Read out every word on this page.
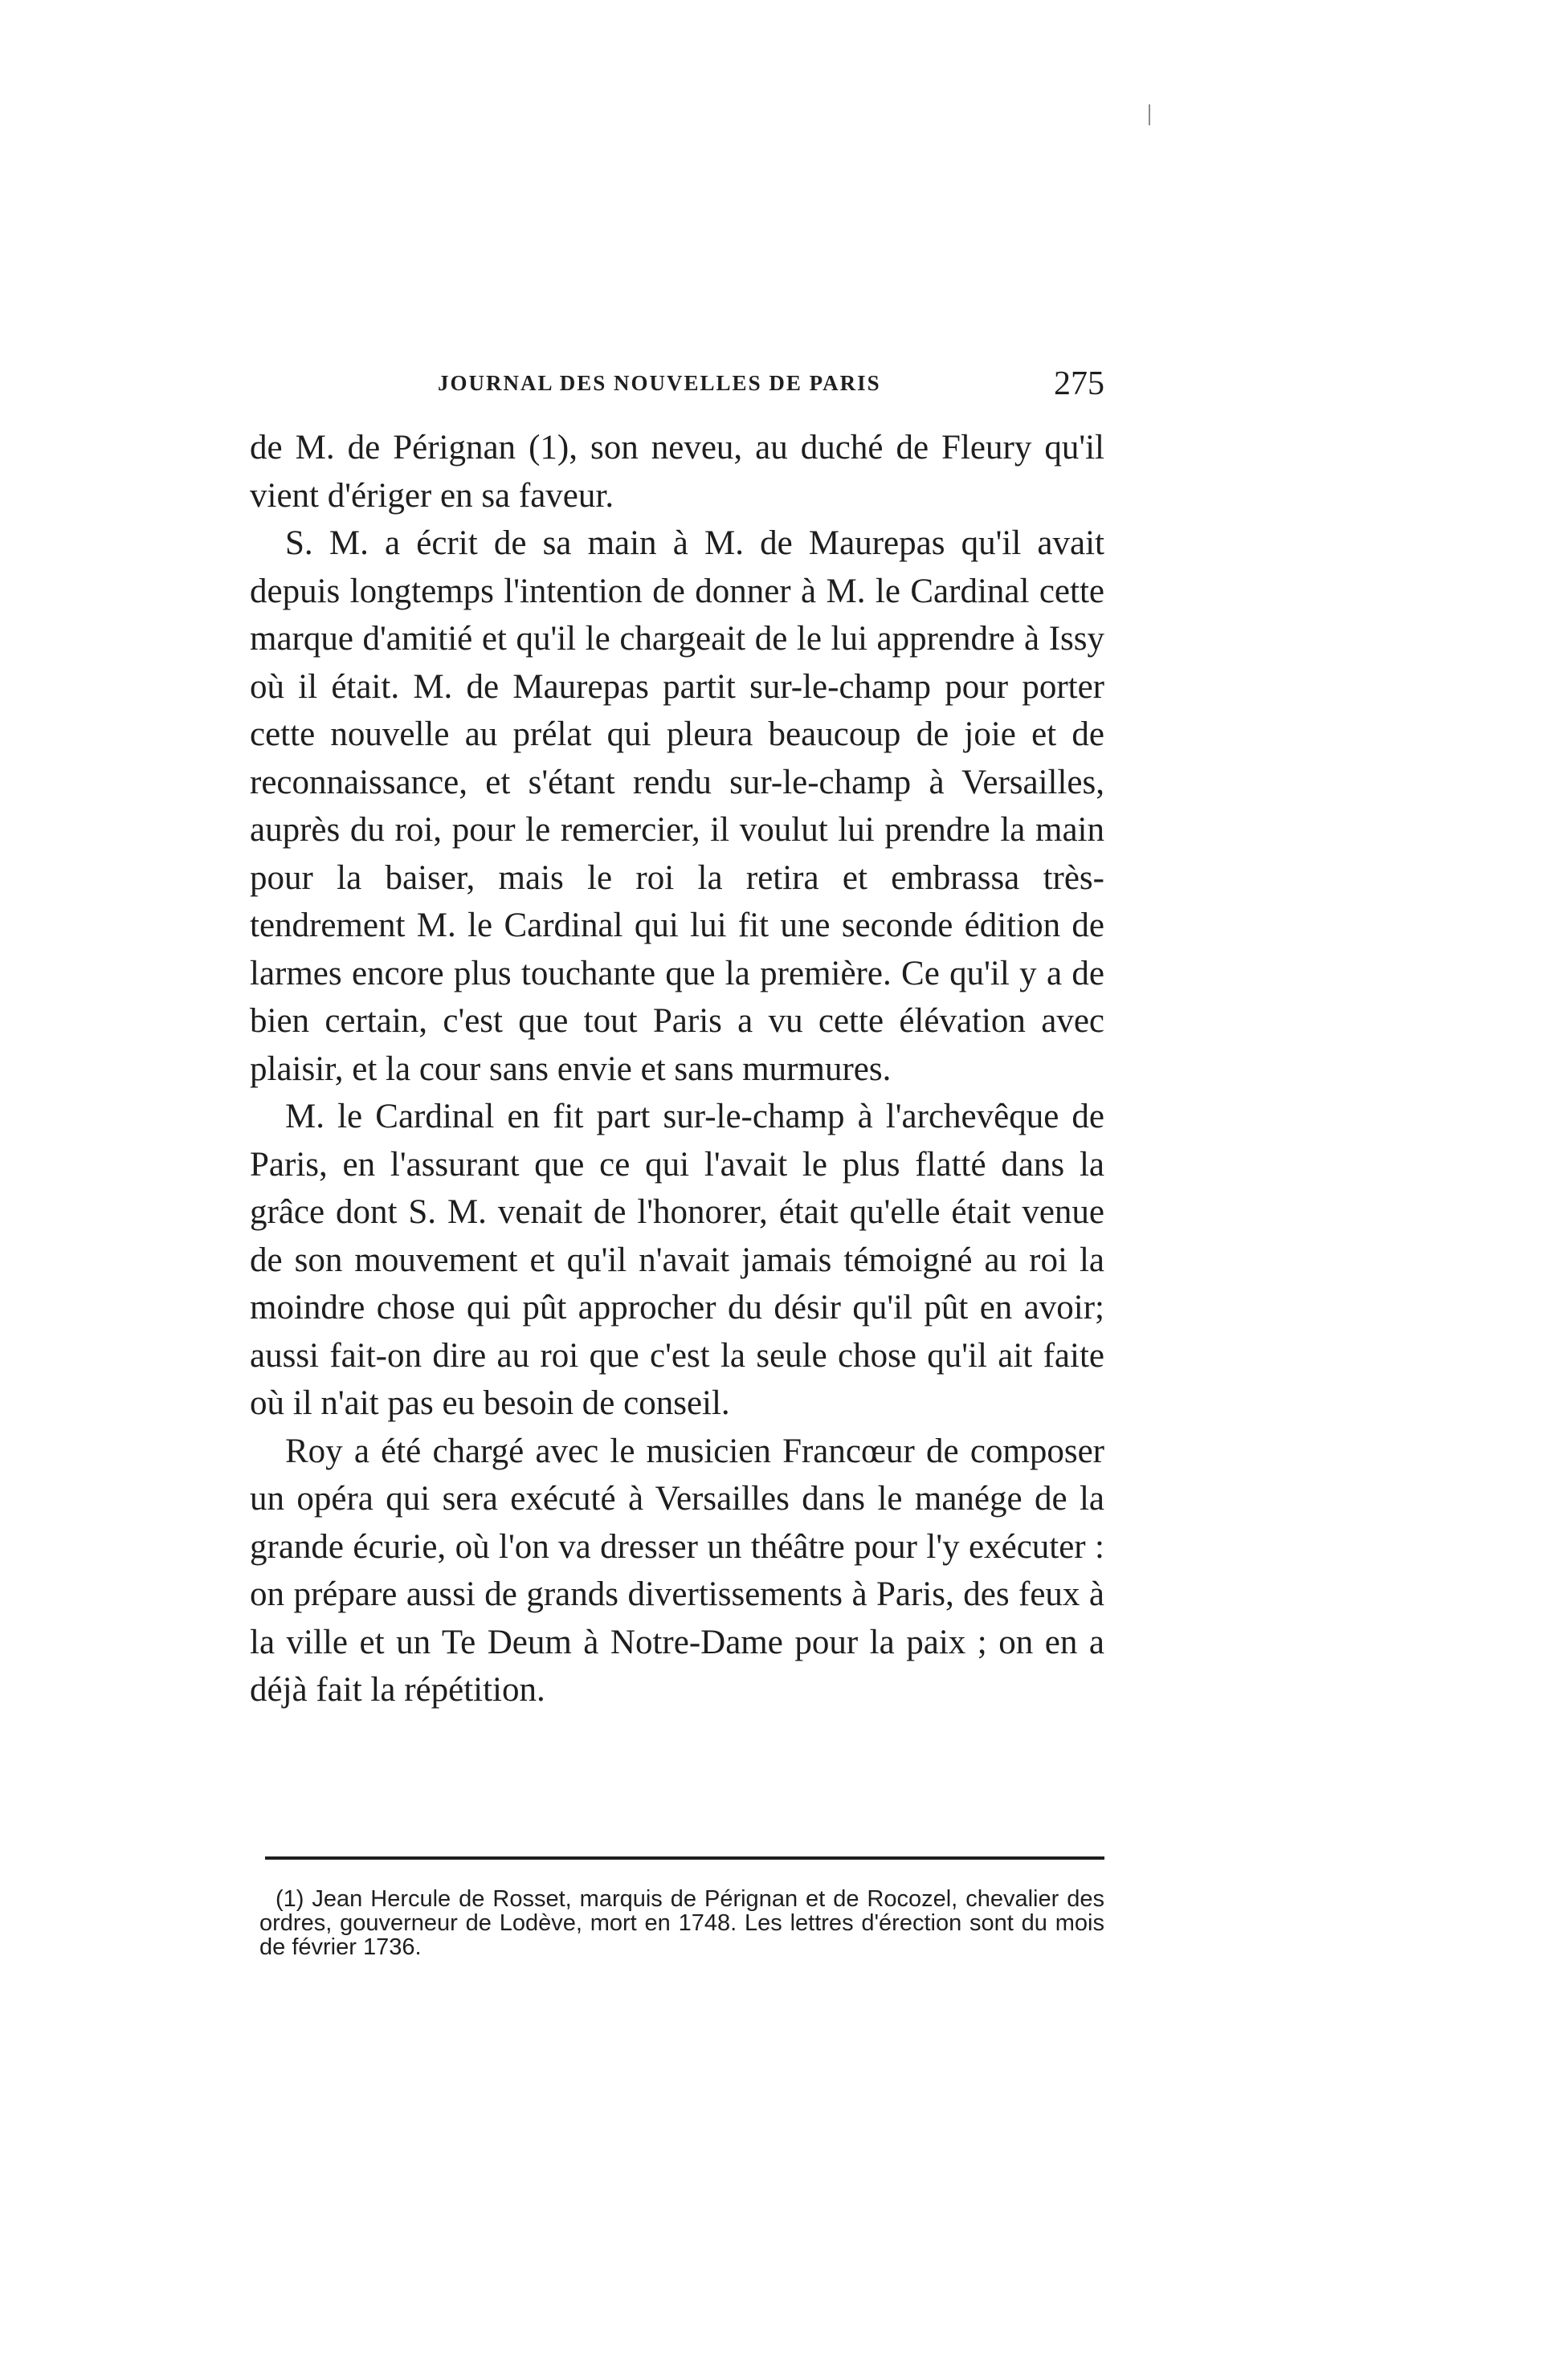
JOURNAL DES NOUVELLES DE PARIS	275

de M. de Pérignan (1), son neveu, au duché de Fleury qu'il vient d'ériger en sa faveur.

S. M. a écrit de sa main à M. de Maurepas qu'il avait depuis longtemps l'intention de donner à M. le Cardinal cette marque d'amitié et qu'il le chargeait de le lui apprendre à Issy où il était. M. de Maurepas partit sur-le-champ pour porter cette nouvelle au prélat qui pleura beaucoup de joie et de reconnaissance, et s'étant rendu sur-le-champ à Versailles, auprès du roi, pour le remercier, il voulut lui prendre la main pour la baiser, mais le roi la retira et embrassa très-tendrement M. le Cardinal qui lui fit une seconde édition de larmes encore plus touchante que la première. Ce qu'il y a de bien certain, c'est que tout Paris a vu cette élévation avec plaisir, et la cour sans envie et sans murmures.

M. le Cardinal en fit part sur-le-champ à l'archevêque de Paris, en l'assurant que ce qui l'avait le plus flatté dans la grâce dont S. M. venait de l'honorer, était qu'elle était venue de son mouvement et qu'il n'avait jamais témoigné au roi la moindre chose qui pût approcher du désir qu'il pût en avoir; aussi fait-on dire au roi que c'est la seule chose qu'il ait faite où il n'ait pas eu besoin de conseil.

Roy a été chargé avec le musicien Francœur de composer un opéra qui sera exécuté à Versailles dans le manége de la grande écurie, où l'on va dresser un théâtre pour l'y exécuter : on prépare aussi de grands divertissements à Paris, des feux à la ville et un Te Deum à Notre-Dame pour la paix ; on en a déjà fait la répétition.

(1) Jean Hercule de Rosset, marquis de Pérignan et de Rocozel, chevalier des ordres, gouverneur de Lodève, mort en 1748. Les lettres d'érection sont du mois de février 1736.
